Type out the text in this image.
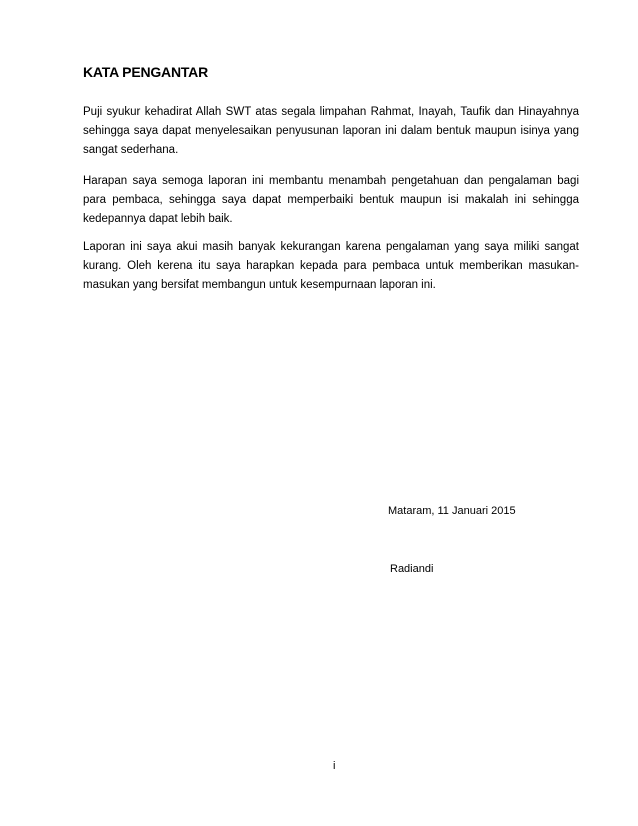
KATA PENGANTAR

Puji syukur kehadirat Allah SWT atas segala limpahan Rahmat, Inayah, Taufik dan Hinayahnya sehingga saya dapat menyelesaikan penyusunan laporan ini dalam bentuk maupun isinya yang sangat sederhana.

Harapan saya semoga laporan ini membantu menambah pengetahuan dan pengalaman bagi para pembaca, sehingga saya dapat memperbaiki bentuk maupun isi makalah ini sehingga kedepannya dapat lebih baik.

Laporan ini saya akui masih banyak kekurangan karena pengalaman yang saya miliki sangat kurang. Oleh kerena itu saya harapkan kepada para pembaca untuk memberikan masukan-masukan yang bersifat membangun untuk kesempurnaan laporan ini.

Mataram, 11 Januari 2015

Radiandi

i
